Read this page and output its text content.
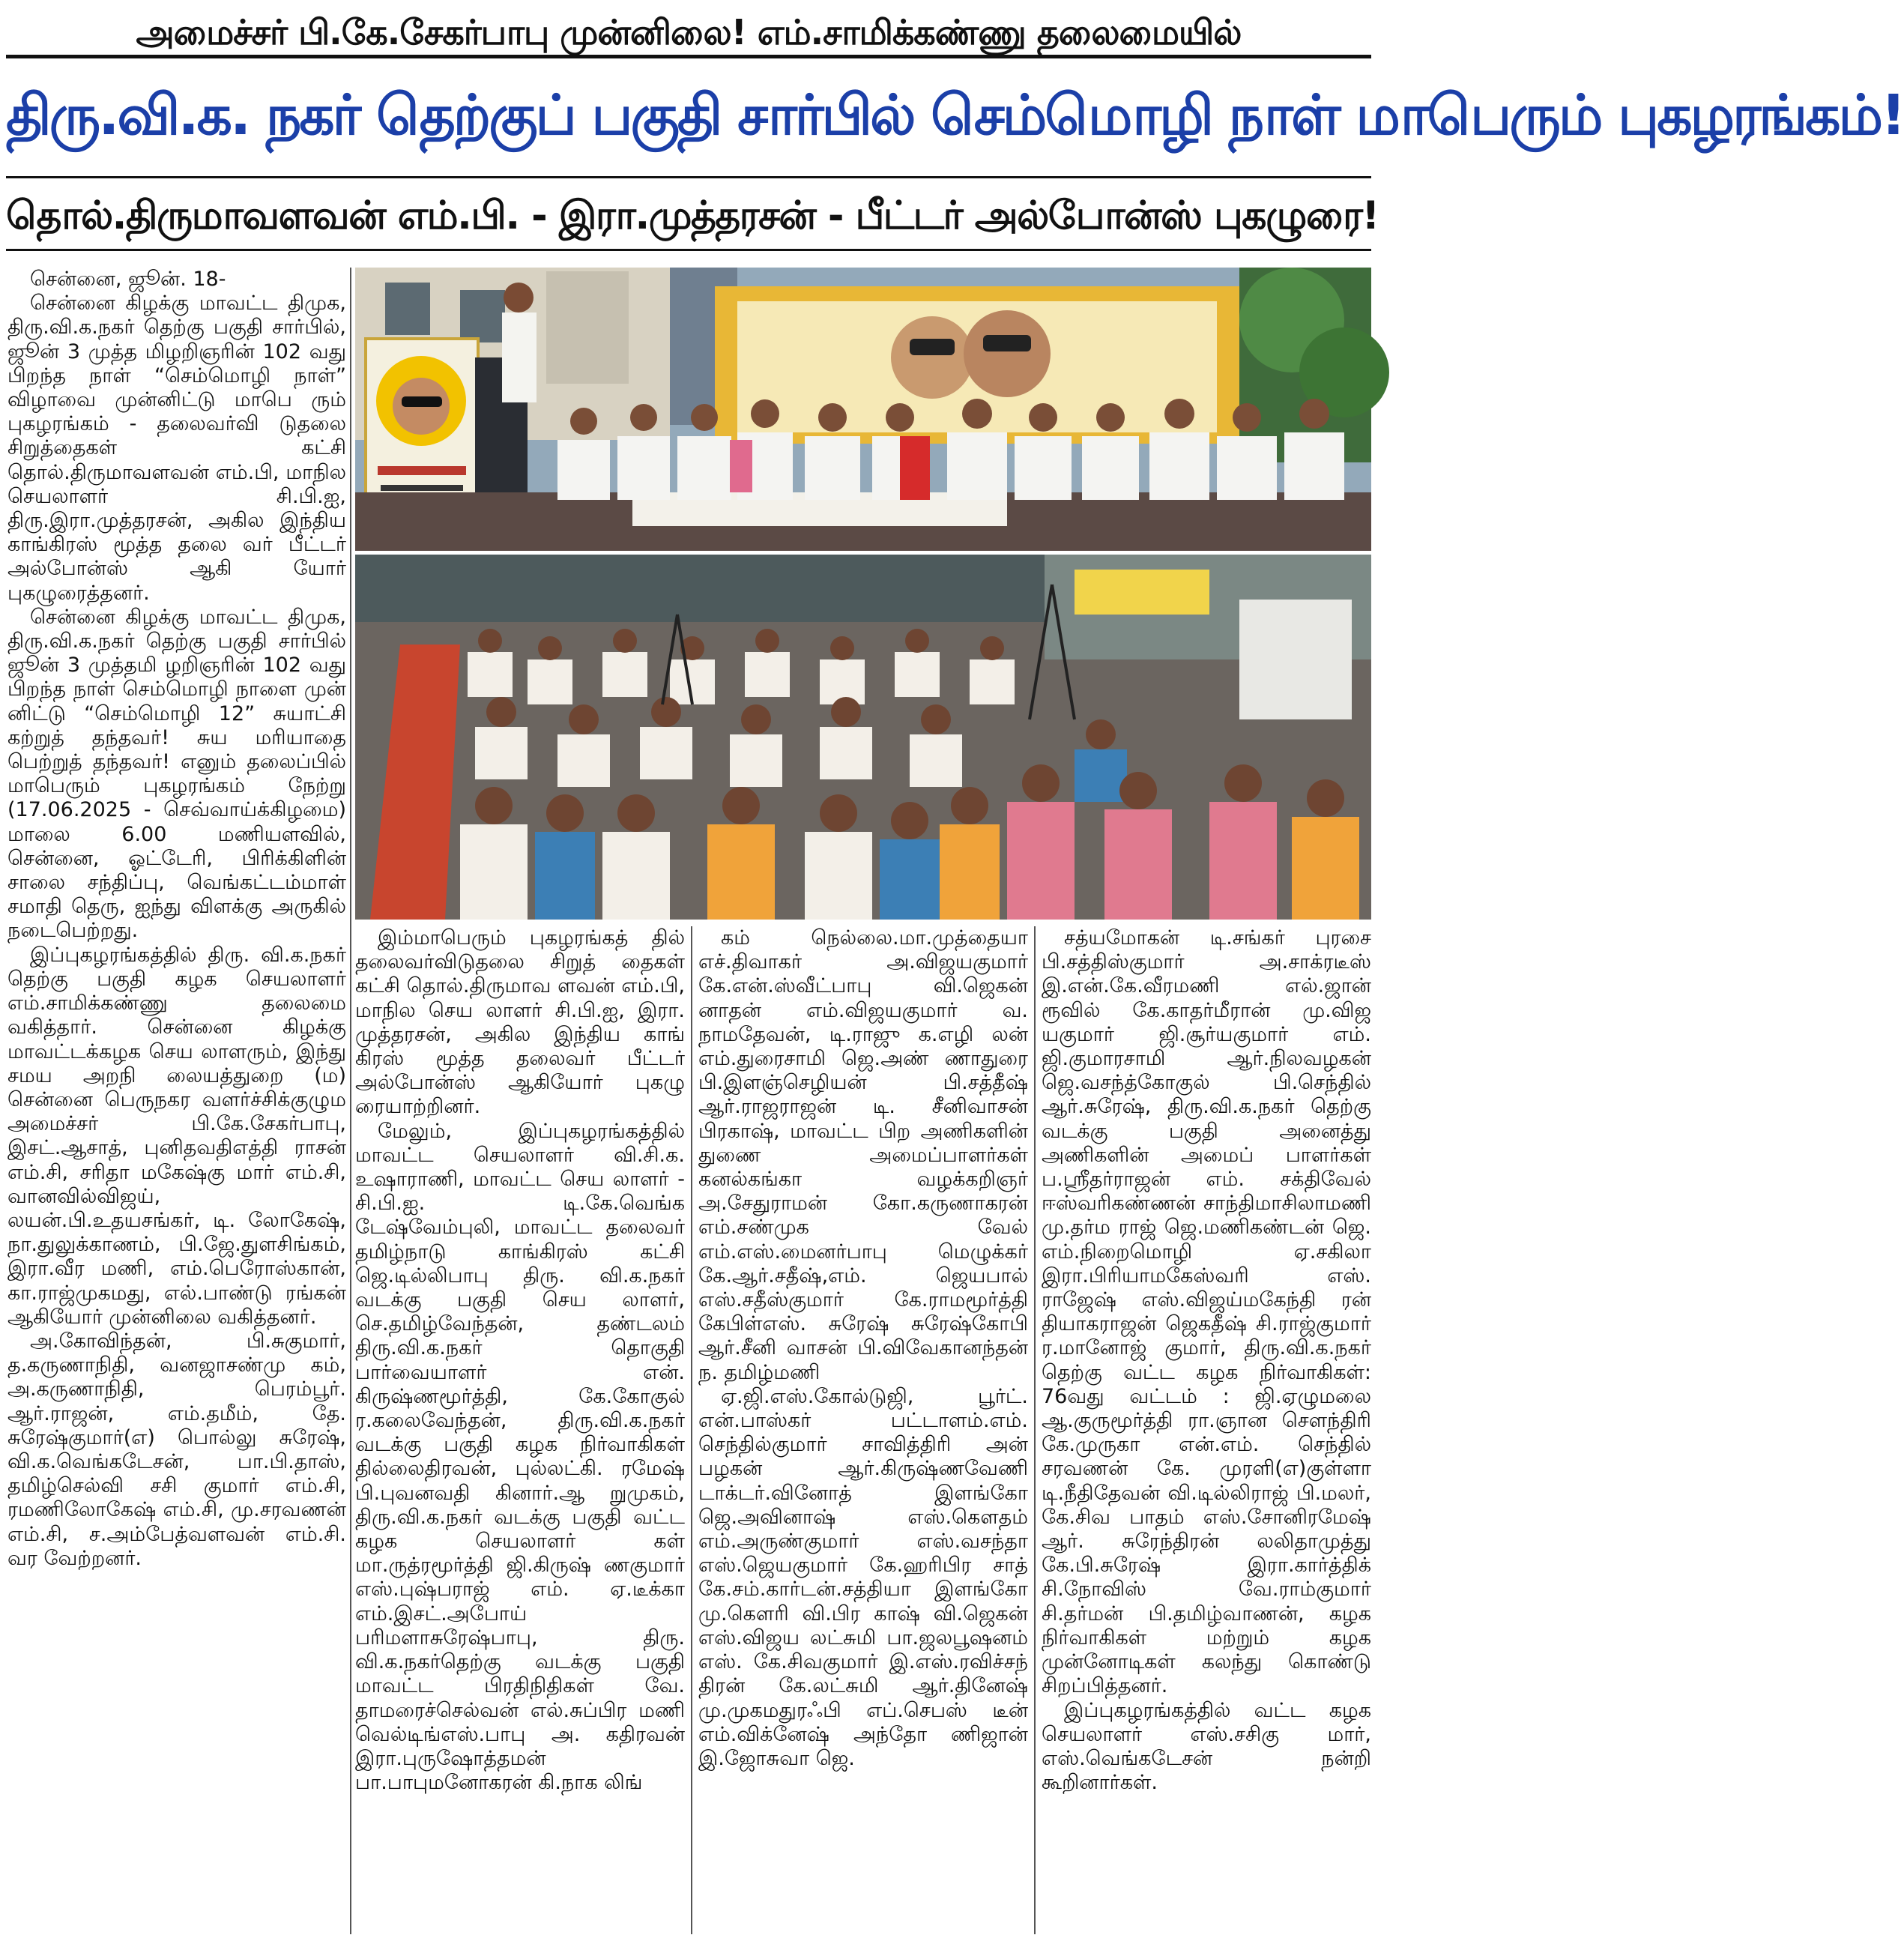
அமைச்சர் பி.கே.சேகர்பாபு முன்னிலை! எம்.சாமிக்கண்ணு தலைமையில்
திரு.வி.க. நகர் தெற்குப் பகுதி சார்பில் செம்மொழி நாள் மாபெரும் புகழரங்கம்!
தொல்.திருமாவளவன் எம்.பி. - இரா.முத்தரசன் - பீட்டர் அல்போன்ஸ் புகழுரை!

சென்னை, ஜூன். 18-

சென்னை கிழக்கு மாவட்ட திமுக, திரு.வி.க.நகர் தெற்கு பகுதி சார்பில், ஜூன் 3 முத்த மிழறிஞரின் 102 வது பிறந்த நாள் “செம்மொழி நாள்” விழாவை முன்னிட்டு மாபெ ரும் புகழரங்கம் - தலைவர்வி டுதலை சிறுத்தைகள் கட்சி தொல்.திருமாவளவன் எம்.பி, மாநில செயலாளர் சி.பி.ஐ, திரு.இரா.முத்தரசன், அகில இந்திய காங்கிரஸ் மூத்த தலை வர் பீட்டர் அல்போன்ஸ் ஆகி யோர் புகழுரைத்தனர்.

சென்னை கிழக்கு மாவட்ட திமுக, திரு.வி.க.நகர் தெற்கு பகுதி சார்பில் ஜூன் 3 முத்தமி ழறிஞரின் 102 வது பிறந்த நாள் செம்மொழி நாளை முன் னிட்டு “செம்மொழி 12” சுயாட்சி கற்றுத் தந்தவர்! சுய மரியாதை பெற்றுத் தந்தவர்! எனும் தலைப்பில் மாபெரும் புகழரங்கம் நேற்று (17.06.2025 - செவ்வாய்க்கிழமை) மாலை 6.00 மணியளவில், சென்னை, ஓட்டேரி, பிரிக்கிளின் சாலை சந்திப்பு, வெங்கட்டம்மாள் சமாதி தெரு, ஐந்து விளக்கு அருகில் நடைபெற்றது.

இப்புகழரங்கத்தில் திரு. வி.க.நகர் தெற்கு பகுதி கழக செயலாளர் எம்.சாமிக்கண்ணு தலைமை வகித்தார். சென்னை கிழக்கு மாவட்டக்கழக செய லாளரும், இந்து சமய அறநி லையத்துறை (ம) சென்னை பெருநகர வளர்ச்சிக்குழும அமைச்சர் பி.கே.சேகர்பாபு, இசட்.ஆசாத், புனிதவதிஎத்தி ராசன் எம்.சி, சரிதா மகேஷ்கு மார் எம்.சி, வானவில்விஜய், லயன்.பி.உதயசங்கர், டி. லோகேஷ், நா.துலுக்காணம், பி.ஜே.துளசிங்கம், இரா.வீர மணி, எம்.பெரோஸ்கான், கா.ராஜ்முகமது, எல்.பாண்டு ரங்கன் ஆகியோர் முன்னிலை வகித்தனர்.

அ.கோவிந்தன், பி.சுகுமார், த.கருணாநிதி, வனஜாசண்மு கம், அ.கருணாநிதி, பெரம்பூர். ஆர்.ராஜன், எம்.தமீம், தே. சுரேஷ்குமார்(எ) பொல்லு சுரேஷ், வி.க.வெங்கடேசன், பா.பி.தாஸ், தமிழ்செல்வி சசி குமார் எம்.சி, ரமணிலோகேஷ் எம்.சி, மு.சரவணன் எம்.சி, ச.அம்பேத்வளவன் எம்.சி. வர வேற்றனர்.

இம்மாபெரும் புகழரங்கத் தில் தலைவர்விடுதலை சிறுத் தைகள் கட்சி தொல்.திருமாவ ளவன் எம்.பி, மாநில செய லாளர் சி.பி.ஐ, இரா. முத்தரசன், அகில இந்திய காங் கிரஸ் மூத்த தலைவர் பீட்டர் அல்போன்ஸ் ஆகியோர் புகழு ரையாற்றினர்.

மேலும், இப்புகழரங்கத்தில் மாவட்ட செயலாளர் வி.சி.க. உஷாராணி, மாவட்ட செய லாளர் - சி.பி.ஐ. டி.கே.வெங்க டேஷ்வேம்புலி, மாவட்ட தலைவர் தமிழ்நாடு காங்கிரஸ் கட்சி ஜெ.டில்லிபாபு திரு. வி.க.நகர் வடக்கு பகுதி செய லாளர், செ.தமிழ்வேந்தன், தண்டலம் திரு.வி.க.நகர் தொகுதி பார்வையாளர் என். கிருஷ்ணமூர்த்தி, கே.கோகுல் ர.கலைவேந்தன், திரு.வி.க.நகர் வடக்கு பகுதி கழக நிர்வாகிகள் தில்லைதிரவன், புல்லட்கி. ரமேஷ் பி.புவனவதி கினார்.ஆ றுமுகம், திரு.வி.க.நகர் வடக்கு பகுதி வட்ட கழக செயலாளர் கள் மா.ருத்ரமூர்த்தி ஜி.கிருஷ் ணகுமார் எஸ்.புஷ்பராஜ் எம். ஏ.டீக்கா எம்.இசட்.அபோய் பரிமளாசுரேஷ்பாபு, திரு. வி.க.நகர்தெற்கு வடக்கு பகுதி மாவட்ட பிரதிநிதிகள் வே. தாமரைச்செல்வன் எல்.சுப்பிர மணி வெல்டிங்எஸ்.பாபு அ. கதிரவன் இரா.புருஷோத்தமன் பா.பாபுமனோகரன் கி.நாக லிங்

கம் நெல்லை.மா.முத்தையா எச்.திவாகர் அ.விஜயகுமார் கே.என்.ஸ்வீட்பாபு வி.ஜெகன் னாதன் எம்.விஜயகுமார் வ. நாமதேவன், டி.ராஜு க.எழி லன் எம்.துரைசாமி ஜெ.அண் ணாதுரை பி.இளஞ்செழியன் பி.சத்தீஷ் ஆர்.ராஜராஜன் டி. சீனிவாசன் பிரகாஷ், மாவட்ட பிற அணிகளின் துணை அமைப்பாளர்கள் கனல்கங்கா வழக்கறிஞர் அ.சேதுராமன் கோ.கருணாகரன் எம்.சண்முக வேல் எம்.எஸ்.மைனர்பாபு மெழுக்கர் கே.ஆர்.சதீஷ்,எம். ஜெயபால் எஸ்.சதீஸ்குமார் கே.ராமமூர்த்தி கேபிள்எஸ். சுரேஷ் சுரேஷ்கோபி ஆர்.சீனி வாசன் பி.விவேகானந்தன் ந. தமிழ்மணி

ஏ.ஜி.எஸ்.கோல்டுஜி, பூர்ட். என்.பாஸ்கர் பட்டாளம்.எம். செந்தில்குமார் சாவித்திரி அன் பழகன் ஆர்.கிருஷ்ணவேணி டாக்டர்.வினோத் இளங்கோ ஜெ.அவினாஷ் எஸ்.கௌதம் எம்.அருண்குமார் எஸ்.வசந்தா எஸ்.ஜெயகுமார் கே.ஹரிபிர சாத் கே.சம்.கார்டன்.சத்தியா இளங்கோ மு.கௌரி வி.பிர காஷ் வி.ஜெகன் எஸ்.விஜய லட்சுமி பா.ஜலபூஷனம் எஸ். கே.சிவகுமார் இ.எஸ்.ரவிச்சந் திரன் கே.லட்சுமி ஆர்.தினேஷ் மு.முகமதுரஃபி எப்.செபஸ் டீன் எம்.விக்னேஷ் அந்தோ ணிஜான் இ.ஜோசுவா ஜெ.

சத்யமோகன் டி.சங்கர் புரசை பி.சத்திஸ்குமார் அ.சாக்ரடீஸ் இ.என்.கே.வீரமணி எல்.ஜான் ரூவில் கே.காதர்மீரான் மு.விஜ யகுமார் ஜி.சூர்யகுமார் எம். ஜி.குமாரசாமி ஆர்.நிலவழகன் ஜெ.வசந்த்கோகுல் பி.செந்தில் ஆர்.சுரேஷ், திரு.வி.க.நகர் தெற்கு வடக்கு பகுதி அனைத்து அணிகளின் அமைப் பாளர்கள் ப.ஸ்ரீதர்ராஜன் எம். சக்திவேல் ஈஸ்வரிகண்ணன் சாந்திமாசிலாமணி மு.தர்ம ராஜ் ஜெ.மணிகண்டன் ஜெ. எம்.நிறைமொழி ஏ.சகிலா இரா.பிரியாமகேஸ்வரி எஸ். ராஜேஷ் எஸ்.விஜய்மகேந்தி ரன் தியாகராஜன் ஜெகதீஷ் சி.ராஜ்குமார் ர.மானோஜ் குமார், திரு.வி.க.நகர் தெற்கு வட்ட கழக நிர்வாகிகள்: 76வது வட்டம் : ஜி.ஏழுமலை ஆ.குருமூர்த்தி ரா.ஞான சௌந்திரி கே.முருகா என்.எம். செந்தில் சரவணன் கே. முரளி(எ)குள்ளா டி.நீதிதேவன் வி.டில்லிராஜ் பி.மலர், கே.சிவ பாதம் எஸ்.சோனிரமேஷ் ஆர். சுரேந்திரன் லலிதாமுத்து கே.பி.சுரேஷ் இரா.கார்த்திக் சி.நோவிஸ் வே.ராம்குமார் சி.தர்மன் பி.தமிழ்வாணன், கழக நிர்வாகிகள் மற்றும் கழக முன்னோடிகள் கலந்து கொண்டு சிறப்பித்தனர்.

இப்புகழரங்கத்தில் வட்ட கழக செயலாளர் எஸ்.சசிகு மார், எஸ்.வெங்கடேசன் நன்றி கூறினார்கள்.
